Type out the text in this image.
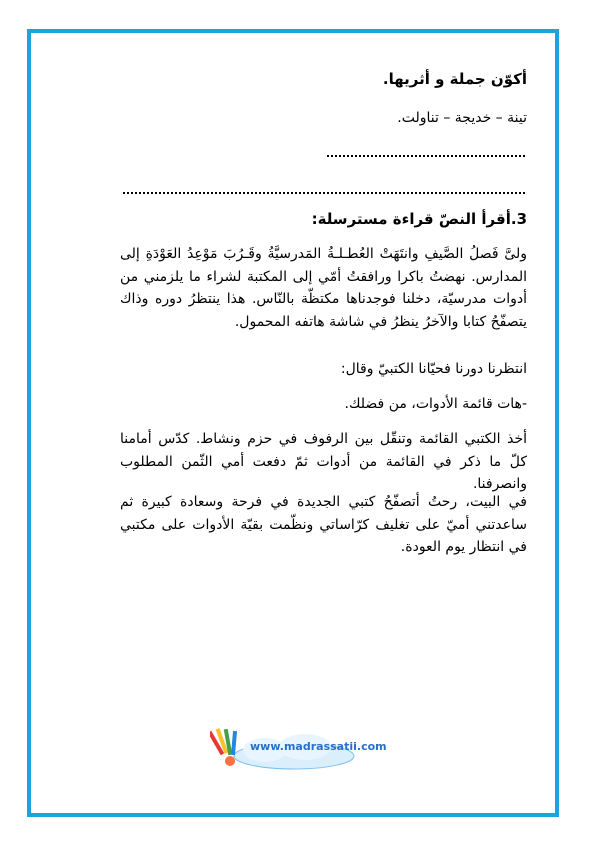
أكوّن جملة و أثريها.
تينة – خديجة – تناولت.
3.أقرأ النصّ قراءة مسترسلة:
ولىَّ فَصلُ الصَّيفِ وانتَهَتْ العُطـلـةُ المَدرسيَّةُ وقَـرُبَ مَوْعِدُ العَوْدَةِ إلى المدارس. نهضتُ باكرا ورافقتُ أمّي إلى المكتبة لشراء ما يلزمني من أدوات مدرسيّة، دخلنا فوجدناها مكتظّة بالنّاس. هذا ينتظرُ دوره وذاك يتصفّحُ كتابا والآخرُ ينظرُ في شاشة هاتفه المحمول.
انتظرنا دورنا فحيّانا الكتبيّ وقال:
-هات قائمة الأدوات، من فضلك.
أخذ الكتبي القائمة وتنقّل بين الرفوف في حزم ونشاط. كدّس أمامنا كلّ ما ذكر في القائمة من أدوات ثمّ دفعت أمي الثّمن المطلوب وانصرفنا.
في البيت، رحتُ أتصفّحُ كتبي الجديدة في فرحة وسعادة كبيرة ثم ساعدتني أميّ على تغليف كرّاساتي ونظّمت بقيّة الأدوات على مكتبي في انتظار يوم العودة.
www.madrassatii.com
